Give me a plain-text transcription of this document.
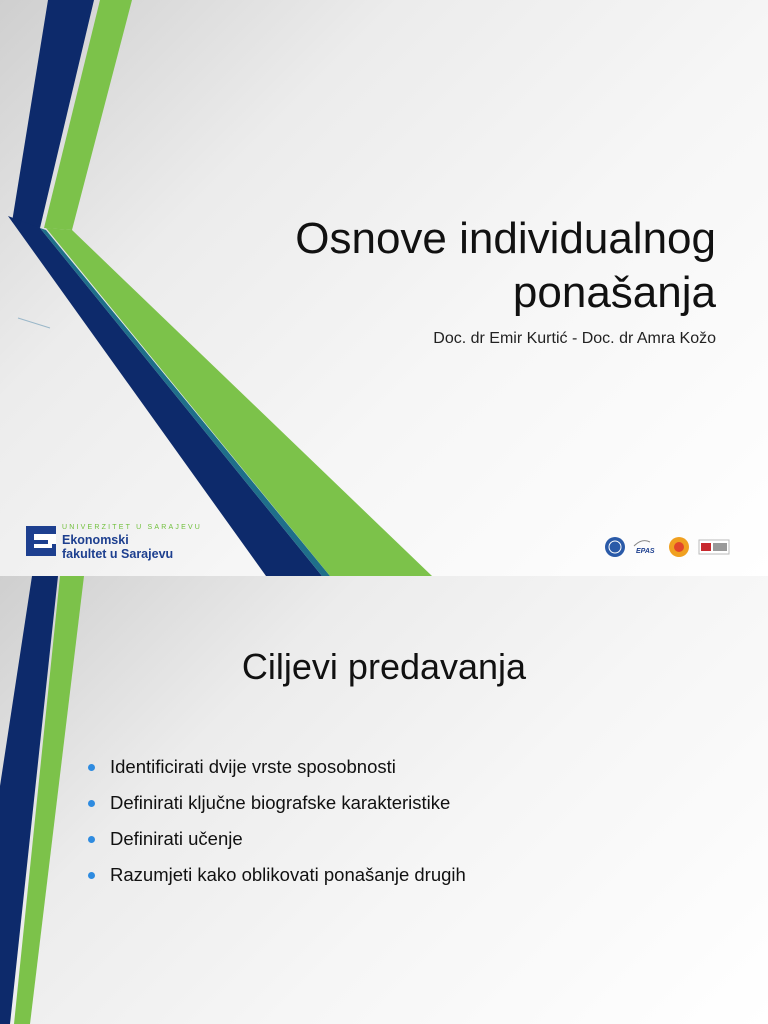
Osnove individualnog
ponašanja
Doc. dr Emir Kurtić - Doc. dr Amra Kožo
UNIVERZITET U SARAJEVU
Ekonomski
fakultet u Sarajevu	EPAS
Ciljevi predavanja
Identificirati dvije vrste sposobnosti
Definirati ključne biografske karakteristike
Definirati učenje
Razumjeti kako oblikovati ponašanje drugih
